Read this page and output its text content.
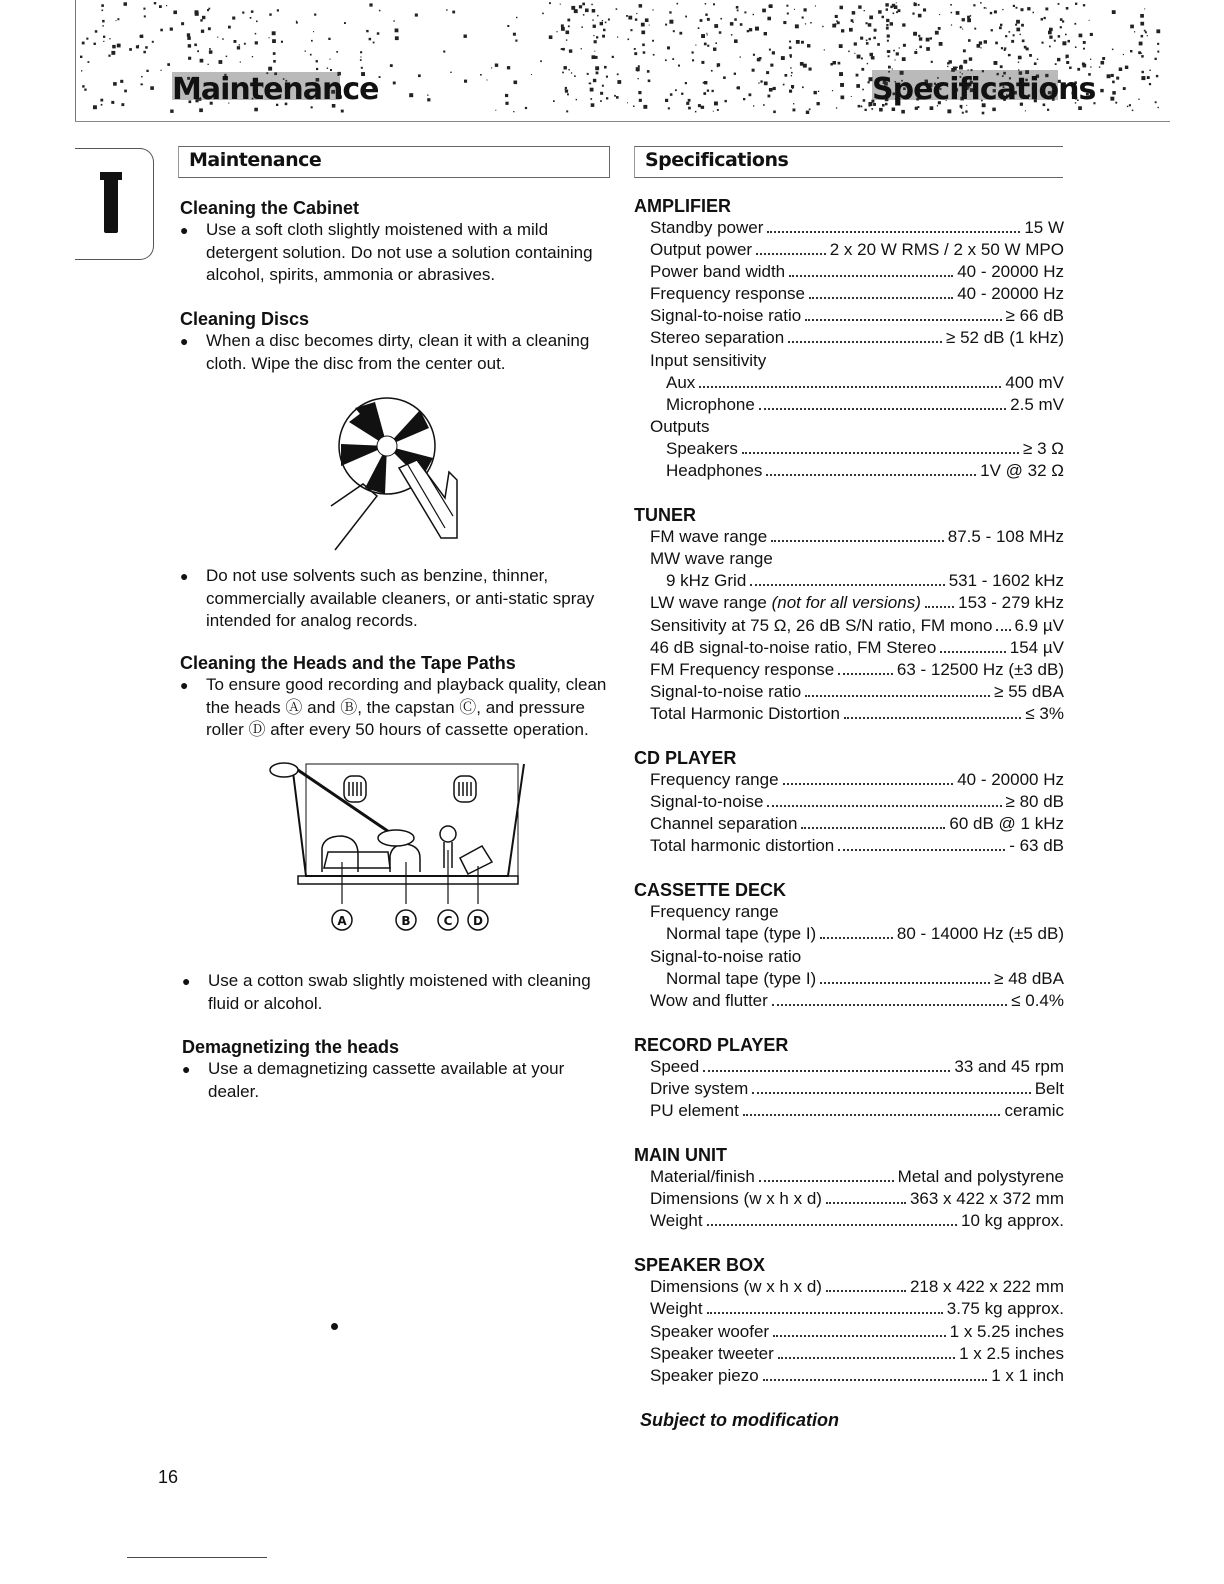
Maintenance	Specifications
Maintenance	Specifications
Cleaning the Cabinet
●	Use a soft cloth slightly moistened with a mild detergent solution. Do not use a solution containing alcohol, spirits, ammonia or abrasives.
Cleaning Discs
●	When a disc becomes dirty, clean it with a cleaning cloth. Wipe the disc from the center out.
●	Do not use solvents such as benzine, thinner, commercially available cleaners, or anti-static spray intended for analog records.
Cleaning the Heads and the Tape Paths
●	To ensure good recording and playback quality, clean the heads Ⓐ and Ⓑ, the capstan Ⓒ, and pressure roller Ⓓ after every 50 hours of cassette operation.
A	B	C D
●	Use a cotton swab slightly moistened with cleaning fluid or alcohol.
Demagnetizing the heads
●	Use a demagnetizing cassette available at your dealer.
AMPLIFIER
Standby power	15 W
Output power	2 x 20 W RMS / 2 x 50 W MPO
Power band width	40 - 20000 Hz
Frequency response	40 - 20000 Hz
Signal-to-noise ratio	≥ 66 dB
Stereo separation	≥ 52 dB (1 kHz)
Input sensitivity
Aux	400 mV
Microphone	2.5 mV
Outputs
Speakers	≥ 3 Ω
Headphones	1V @ 32 Ω
TUNER
FM wave range	87.5 - 108 MHz
MW wave range
9 kHz Grid	531 - 1602 kHz
LW wave range (not for all versions) 153 - 279 kHz
Sensitivity at 75 Ω, 26 dB S/N ratio, FM mono 6.9 µV
46 dB signal-to-noise ratio, FM Stereo	154 µV
FM Frequency response	63 - 12500 Hz (±3 dB)
Signal-to-noise ratio	≥ 55 dBA
Total Harmonic Distortion	≤ 3%
CD PLAYER
Frequency range	40 - 20000 Hz
Signal-to-noise	≥ 80 dB
Channel separation	60 dB @ 1 kHz
Total harmonic distortion	- 63 dB
CASSETTE DECK
Frequency range
Normal tape (type I)	80 - 14000 Hz (±5 dB)
Signal-to-noise ratio
Normal tape (type I)	≥ 48 dBA
Wow and flutter	≤ 0.4%
RECORD PLAYER
Speed	33 and 45 rpm
Drive system	Belt
PU element	ceramic
MAIN UNIT
Material/finish	Metal and polystyrene
Dimensions (w x h x d)	363 x 422 x 372 mm
Weight	10 kg approx.
SPEAKER BOX
Dimensions (w x h x d)	218 x 422 x 222 mm
Weight	3.75 kg approx.
Speaker woofer	1 x 5.25 inches
Speaker tweeter	1 x 2.5 inches
Speaker piezo	1 x 1 inch
Subject to modification
16
